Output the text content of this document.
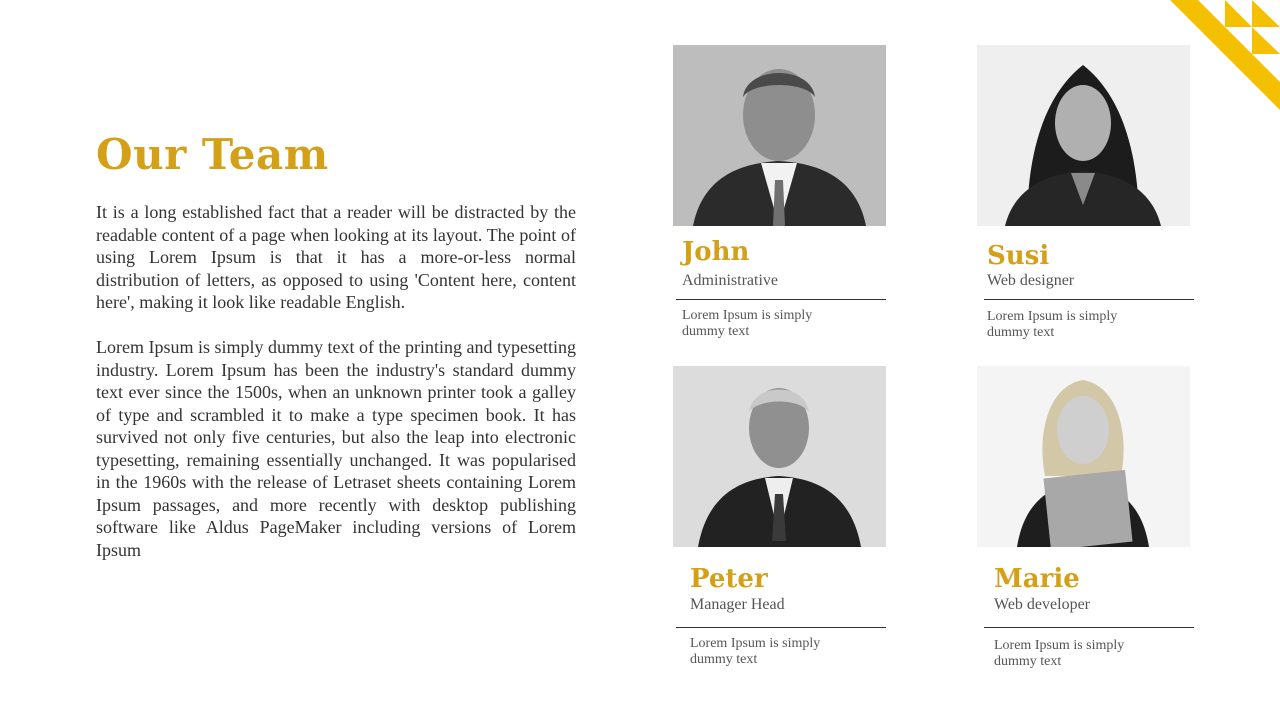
Our Team

It is a long established fact that a reader will be distracted by the readable content of a page when looking at its layout. The point of using Lorem Ipsum is that it has a more-or-less normal distribution of letters, as opposed to using 'Content here, content here', making it look like readable English.

Lorem Ipsum is simply dummy text of the printing and typesetting industry. Lorem Ipsum has been the industry's standard dummy text ever since the 1500s, when an unknown printer took a galley of type and scrambled it to make a type specimen book. It has survived not only five centuries, but also the leap into electronic typesetting, remaining essentially unchanged. It was popularised in the 1960s with the release of Letraset sheets containing Lorem Ipsum passages, and more recently with desktop publishing software like Aldus PageMaker including versions of Lorem Ipsum

John
Administrative
Lorem Ipsum is simply dummy text
Susi
Web designer
Lorem Ipsum is simply dummy text
Peter
Manager Head
Lorem Ipsum is simply dummy text
Marie
Web developer
Lorem Ipsum is simply dummy text
